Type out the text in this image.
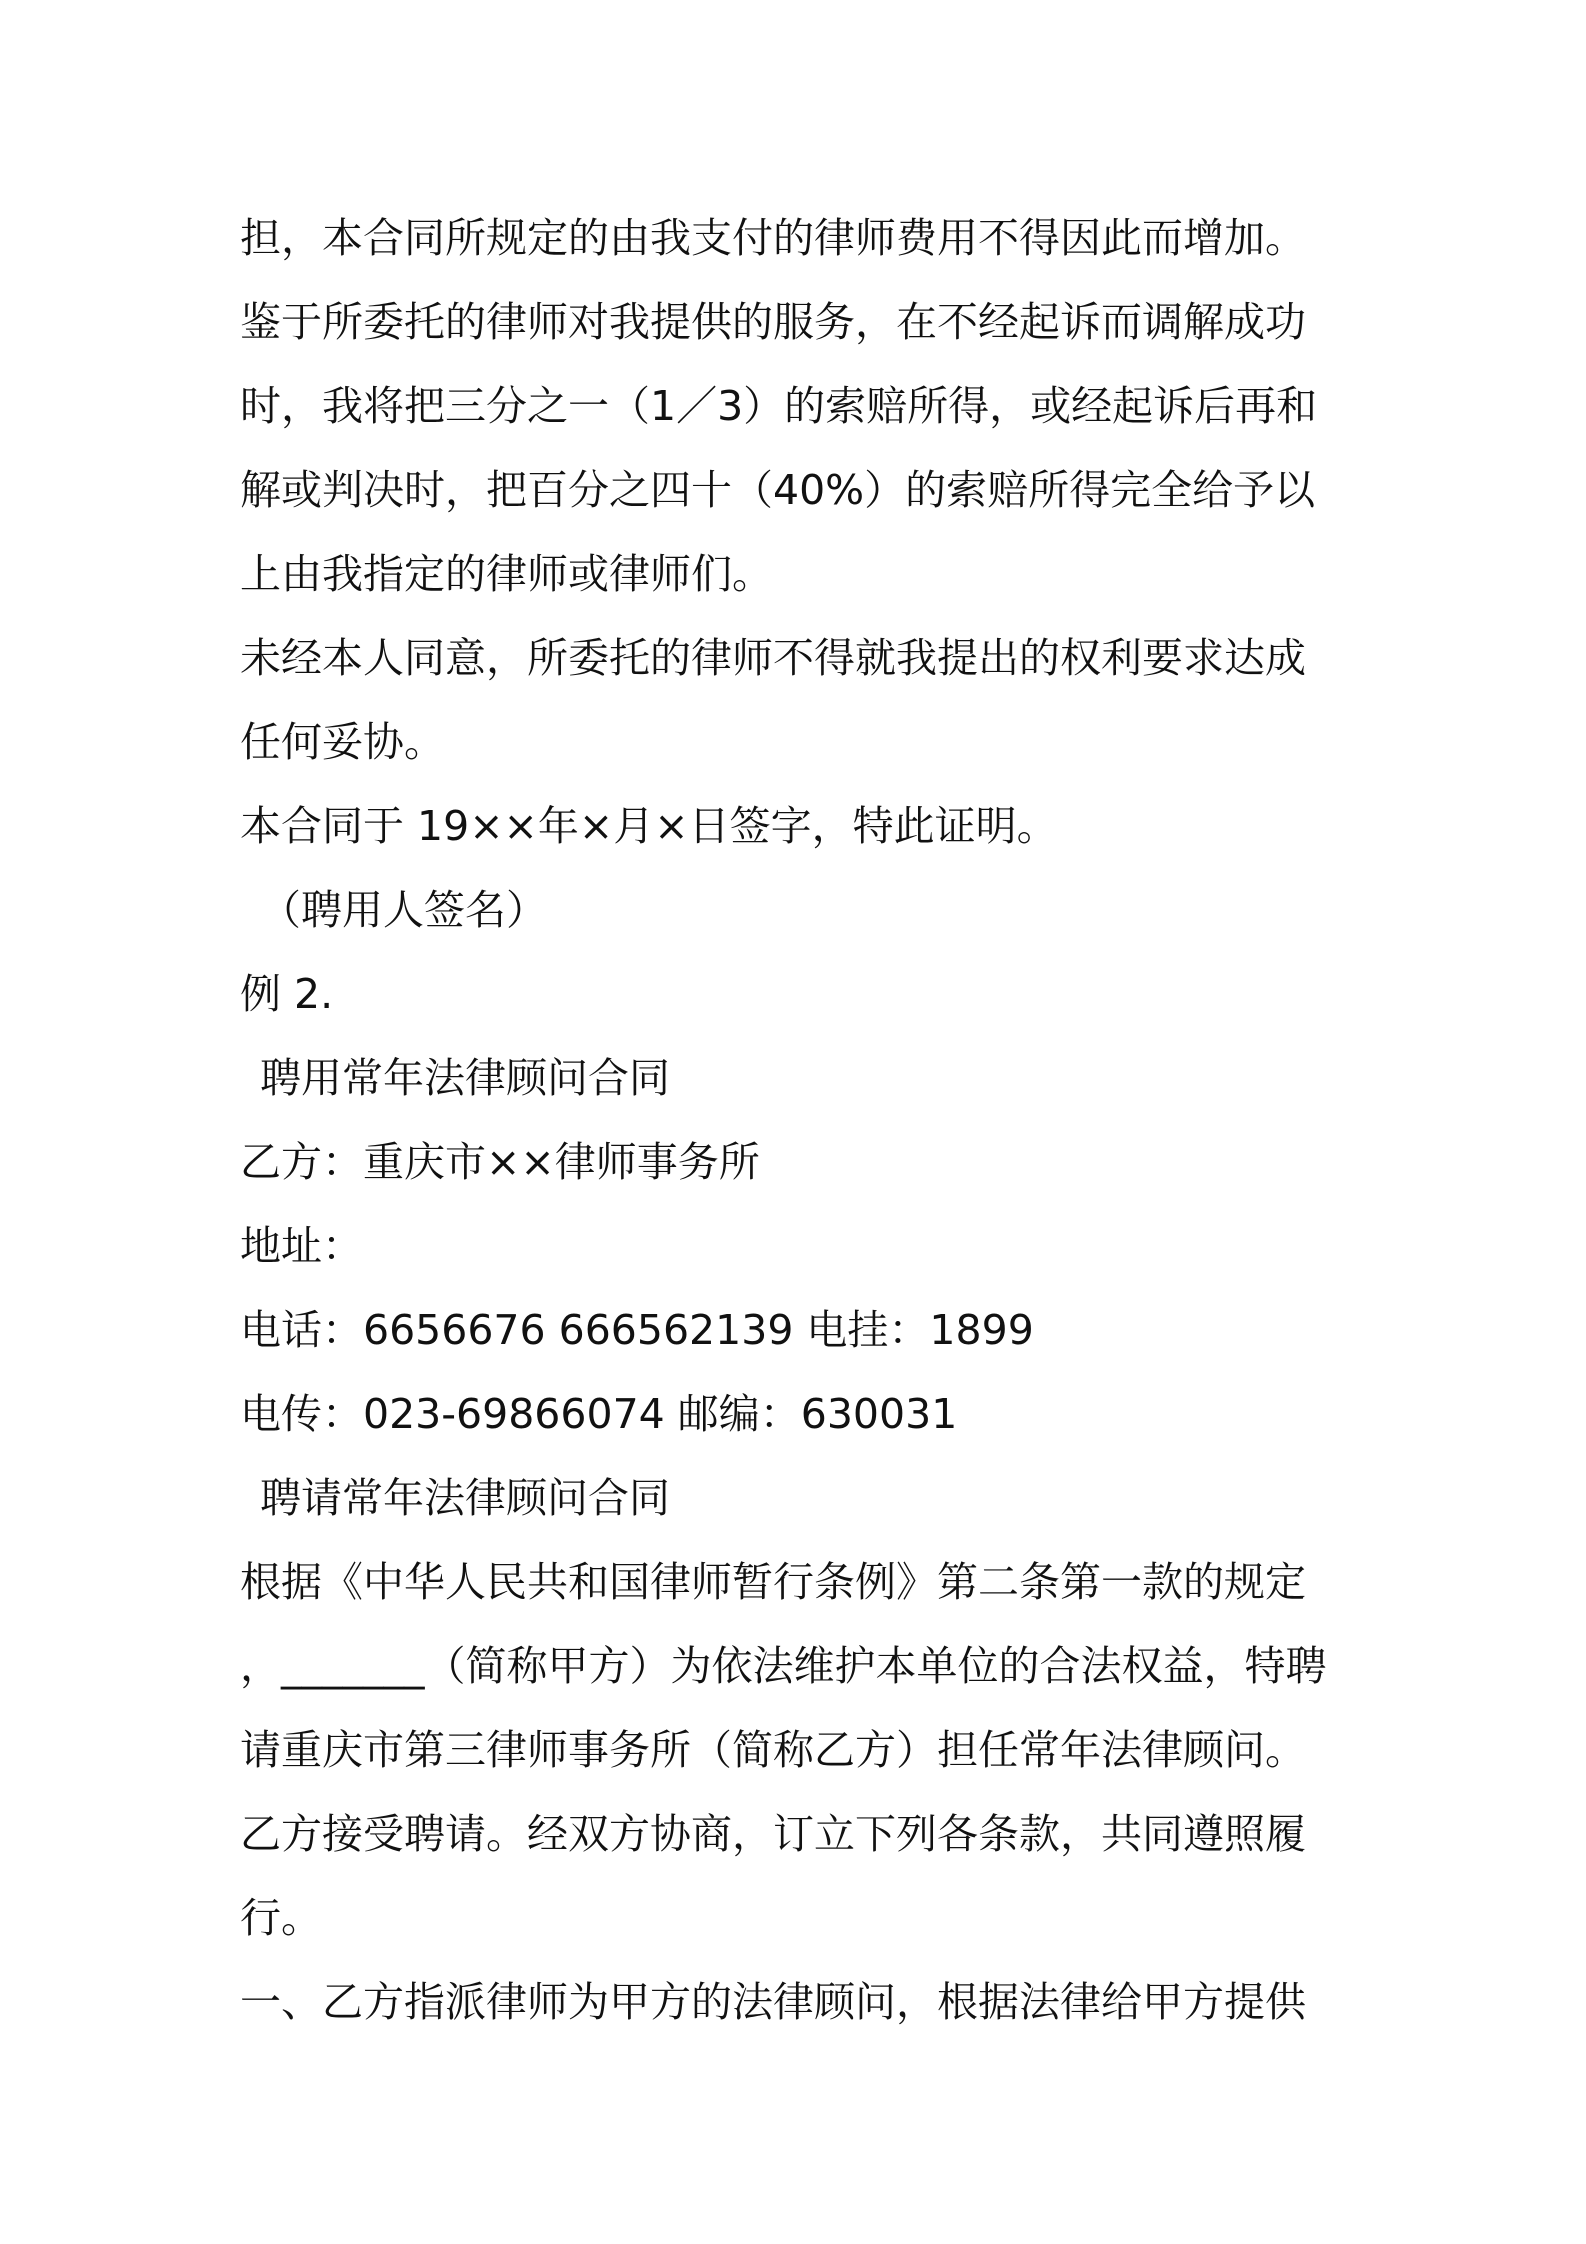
担，本合同所规定的由我支付的律师费用不得因此而增加。
鉴于所委托的律师对我提供的服务，在不经起诉而调解成功
时，我将把三分之一（1／3）的索赔所得，或经起诉后再和
解或判决时，把百分之四十（40%）的索赔所得完全给予以
上由我指定的律师或律师们。
未经本人同意，所委托的律师不得就我提出的权利要求达成
任何妥协。
本合同于 19××年×月×日签字，特此证明。
（聘用人签名）
例 2.
聘用常年法律顾问合同
乙方：重庆市××律师事务所
地址：
电话：6656676 666562139 电挂：1899
电传：023-69866074 邮编：630031
聘请常年法律顾问合同
根据《中华人民共和国律师暂行条例》第二条第一款的规定
，_______（简称甲方）为依法维护本单位的合法权益，特聘
请重庆市第三律师事务所（简称乙方）担任常年法律顾问。
乙方接受聘请。经双方协商，订立下列各条款，共同遵照履
行。
一、乙方指派律师为甲方的法律顾问，根据法律给甲方提供
